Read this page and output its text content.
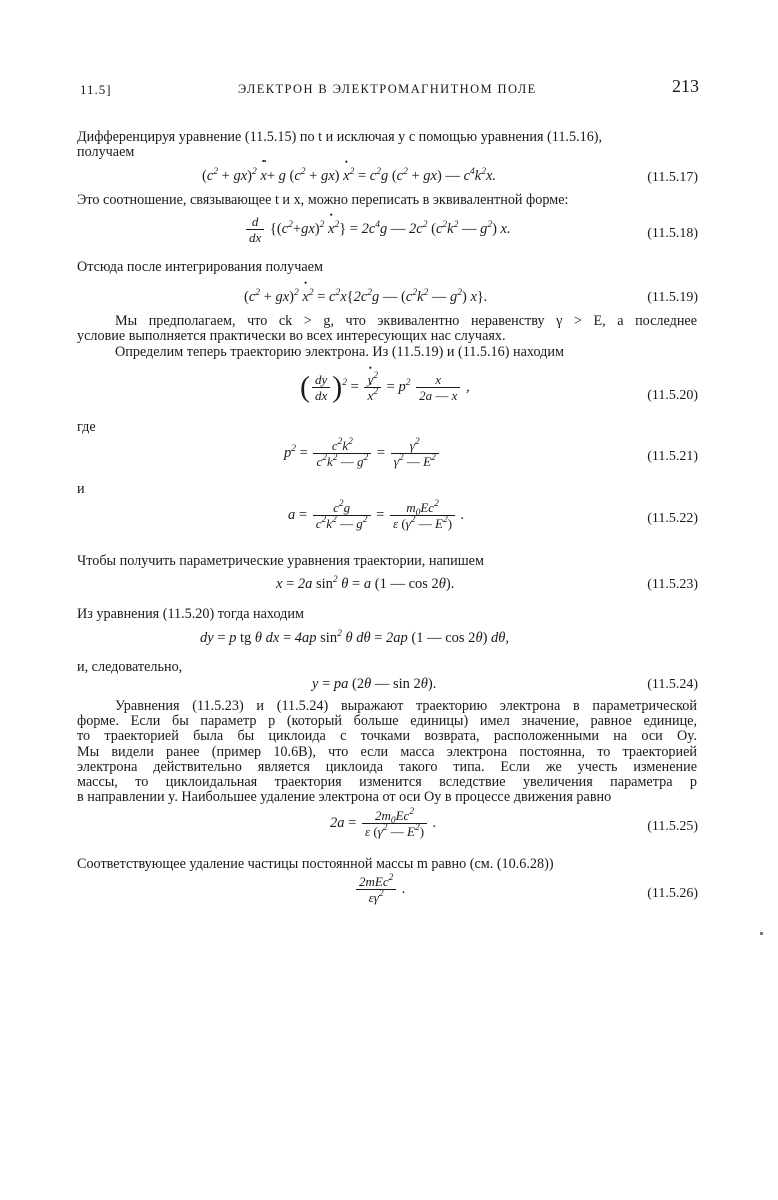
11.5]	ЭЛЕКТРОН В ЭЛЕКТРОМАГНИТНОМ ПОЛЕ	213
Дифференцируя уравнение (11.5.15) по t и исключая y с помощью уравнения (11.5.16),
получаем
$(c^2 + gx)^2$ •• x+ g $(c^2 + gx)$ • $x^2 = c^2g$ $(c^2 + gx)$ — $c^4k^2x$.	(11.5.17)
Это соотношение, связывающее t и x, можно переписать в эквивалентной форме:
$\frac{d}{dx} \{(c^2+gx)^2$ • $x^2\} = 2c^4g$ — $2c^2$ ($c^2k^2$ — $g^2$) x.	(11.5.18)
Отсюда после интегрирования получаем
$(c^2 + gx)^2$ • $x^2 = c^2x\{2c^2g$ — ($c^2k^2$ — $g^2$) x}.	(11.5.19)
Мы предполагаем, что ck > g, что эквивалентно неравенству γ > E, а последнее
условие выполняется практически во всех интересующих нас случаях.
Определим теперь траекторию электрона. Из (11.5.19) и (11.5.16) находим
( $\frac{dy}{dx} )^2$ = • $y^2$
• $x^2 = p^2 \frac{x}{2a — x}$ ,
(11.5.20)
где
$p^2 = \frac{c^2k^2}{c^2k^2 — g^2} = \frac{\gamma^2}{\gamma^2 — E^2}$	(11.5.21)
и
$a = \frac{c^2g}{c^2k^2 — g^2} = \frac{m_0Ec^2}{\varepsilon (\gamma^2 — E^2)}$ .	(11.5.22)
Чтобы получить параметрические уравнения траектории, напишем
x = 2a $\sin^2 \theta = a$ (1 — cos 2θ).	(11.5.23)
Из уравнения (11.5.20) тогда находим
dy = p tg θ dx = 4ap $\sin^2 \theta$ dθ = 2ap (1 — cos 2θ) dθ,
и, следовательно,
y = pa (2θ — sin 2θ).	(11.5.24)
Уравнения (11.5.23) и (11.5.24) выражают траекторию электрона в параметрической
форме. Если бы параметр p (который больше единицы) имел значение, равное единице,
то траекторией была бы циклоида с точками возврата, расположенными на оси Oy.
Мы видели ранее (пример 10.6В), что если масса электрона постоянна, то траекторией
электрона действительно является циклоида такого типа. Если же учесть изменение
массы, то циклоидальная траектория изменится вследствие увеличения параметра p
в направлении y. Наибольшее удаление электрона от оси Oy в процессе движения равно
$2a = \frac{2m_0Ec^2}{\varepsilon (\gamma^2 — E^2)}$ .	(11.5.25)
Соответствующее удаление частицы постоянной массы m равно (см. (10.6.28))
$\frac{2mEc^2}{\varepsilon\gamma^2}$ .	(11.5.26)
